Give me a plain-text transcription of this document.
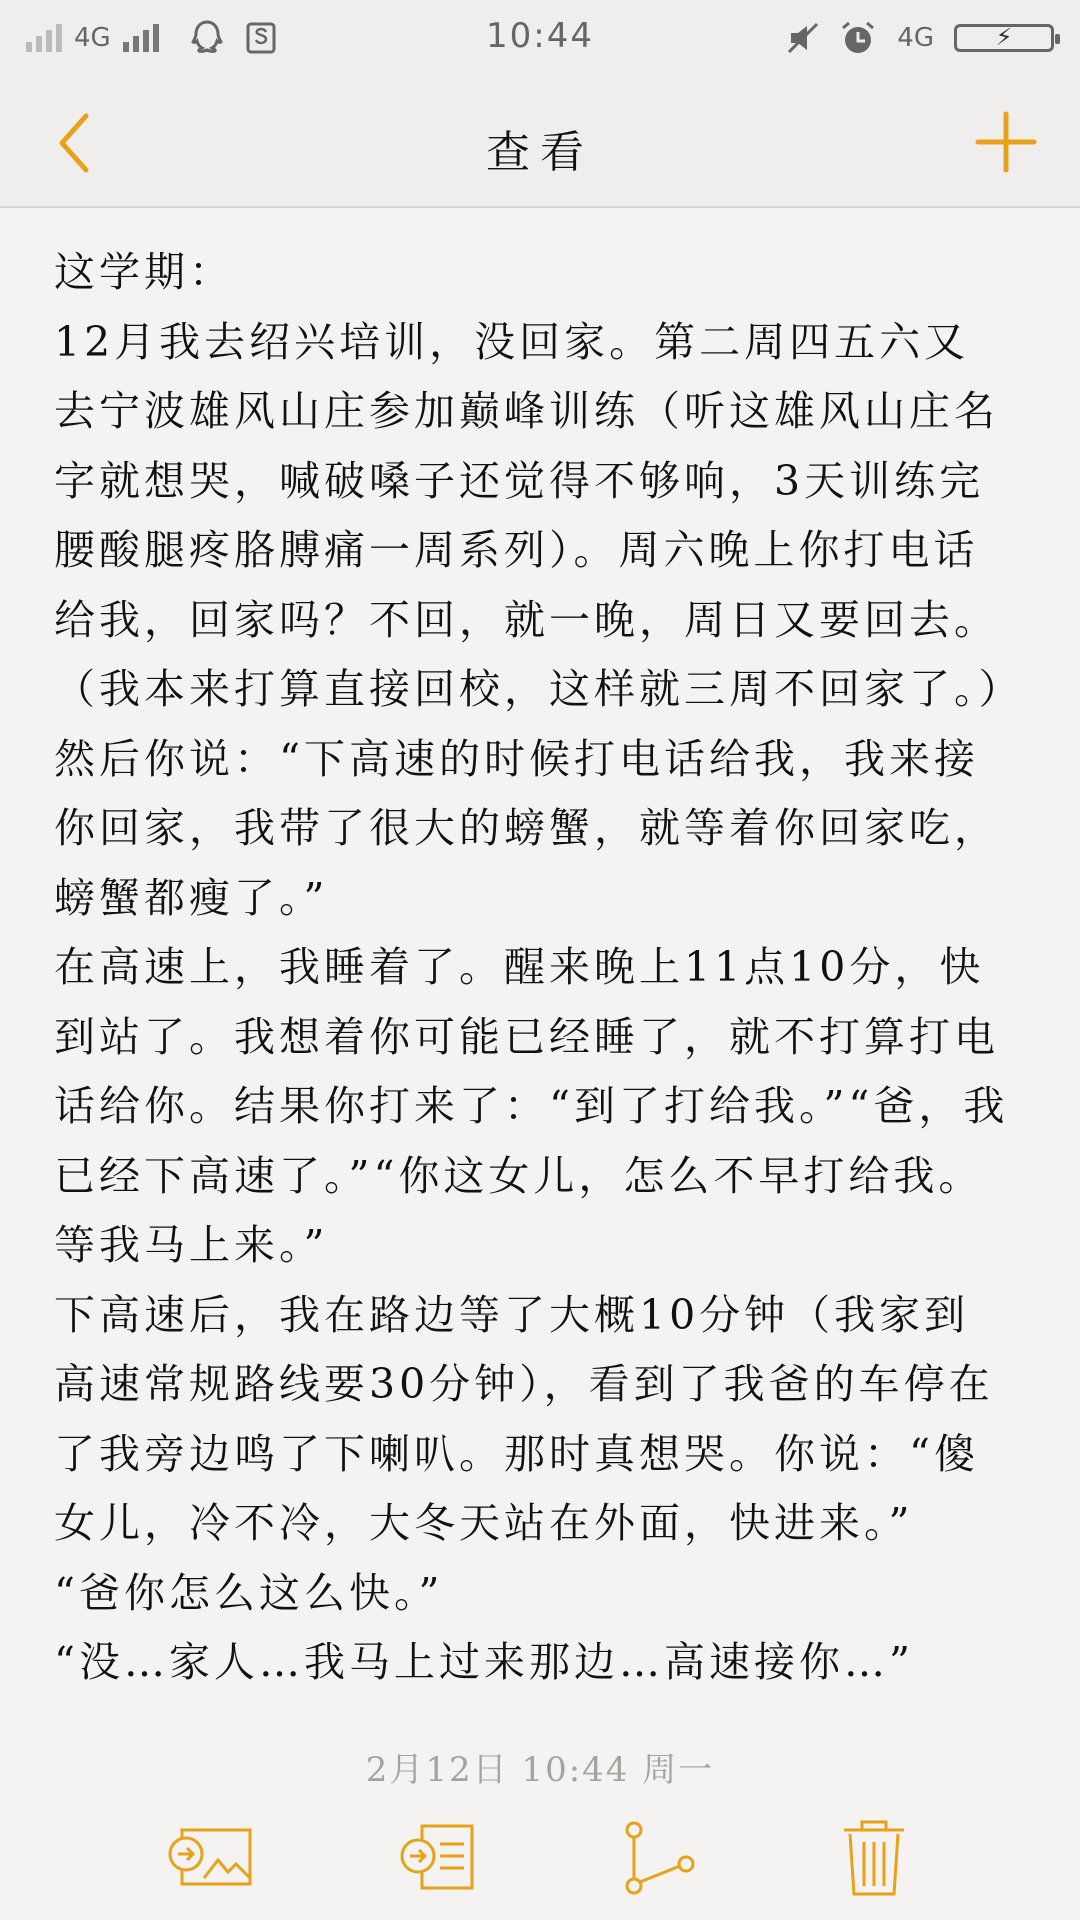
4G	10:44	4G	⚡
查看

这学期：

12月我去绍兴培训，没回家。第二周四五六又去宁波雄风山庄参加巅峰训练（听这雄风山庄名字就想哭，喊破嗓子还觉得不够响，3天训练完腰酸腿疼胳膊痛一周系列）。周六晚上你打电话给我，回家吗？不回，就一晚，周日又要回去。（我本来打算直接回校，这样就三周不回家了。）然后你说：“下高速的时候打电话给我，我来接你回家，我带了很大的螃蟹，就等着你回家吃，螃蟹都瘦了。”

在高速上，我睡着了。醒来晚上11点10分，快到站了。我想着你可能已经睡了，就不打算打电话给你。结果你打来了：“到了打给我。”“爸，我已经下高速了。”“你这女儿，怎么不早打给我。等我马上来。”

下高速后，我在路边等了大概10分钟（我家到高速常规路线要30分钟），看到了我爸的车停在了我旁边鸣了下喇叭。那时真想哭。你说：“傻女儿，冷不冷，大冬天站在外面，快进来。”

“爸你怎么这么快。”

“没…家人…我马上过来那边…高速接你…”

2月12日 10:44 周一
